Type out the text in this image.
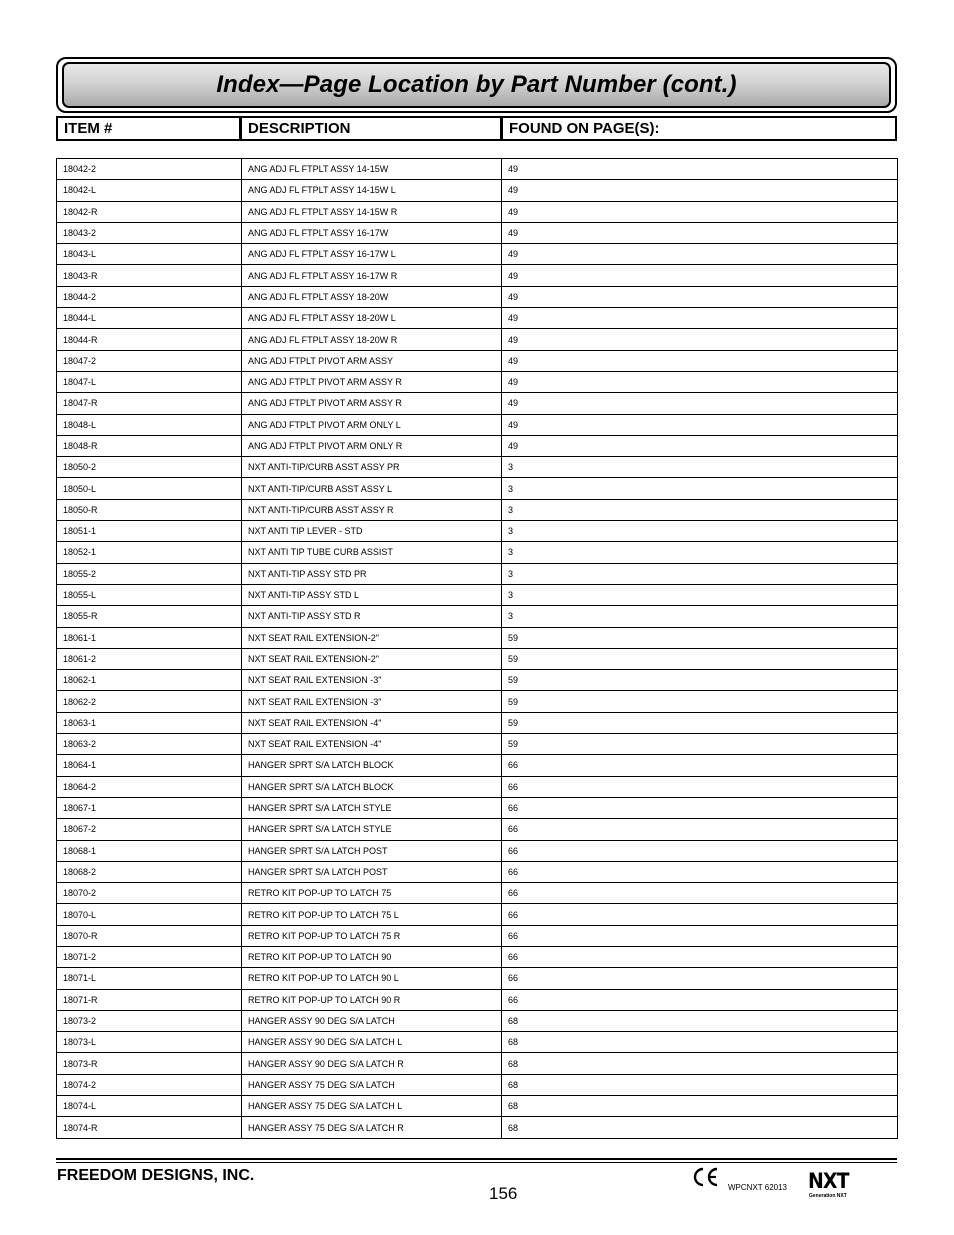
Index—Page Location by Part Number (cont.)
ITEM #	DESCRIPTION	FOUND ON PAGE(S):
18042-2	ANG ADJ FL FTPLT ASSY 14-15W	49
18042-L	ANG ADJ FL FTPLT ASSY 14-15W L	49
18042-R	ANG ADJ FL FTPLT ASSY 14-15W R	49
18043-2	ANG ADJ FL FTPLT ASSY 16-17W	49
18043-L	ANG ADJ FL FTPLT ASSY 16-17W L	49
18043-R	ANG ADJ FL FTPLT ASSY 16-17W R	49
18044-2	ANG ADJ FL FTPLT ASSY 18-20W	49
18044-L	ANG ADJ FL FTPLT ASSY 18-20W L	49
18044-R	ANG ADJ FL FTPLT ASSY 18-20W R	49
18047-2	ANG ADJ FTPLT PIVOT ARM ASSY	49
18047-L	ANG ADJ FTPLT PIVOT ARM ASSY R	49
18047-R	ANG ADJ FTPLT PIVOT ARM ASSY R	49
18048-L	ANG ADJ FTPLT PIVOT ARM ONLY L	49
18048-R	ANG ADJ FTPLT PIVOT ARM ONLY R	49
18050-2	NXT ANTI-TIP/CURB ASST ASSY PR	3
18050-L	NXT ANTI-TIP/CURB ASST ASSY L	3
18050-R	NXT ANTI-TIP/CURB ASST ASSY R	3
18051-1	NXT ANTI TIP LEVER - STD	3
18052-1	NXT ANTI TIP TUBE CURB ASSIST	3
18055-2	NXT ANTI-TIP ASSY STD PR	3
18055-L	NXT ANTI-TIP ASSY STD L	3
18055-R	NXT ANTI-TIP ASSY STD R	3
18061-1	NXT SEAT RAIL EXTENSION-2"	59
18061-2	NXT SEAT RAIL EXTENSION-2"	59
18062-1	NXT SEAT RAIL EXTENSION -3"	59
18062-2	NXT SEAT RAIL EXTENSION -3"	59
18063-1	NXT SEAT RAIL EXTENSION -4"	59
18063-2	NXT SEAT RAIL EXTENSION -4"	59
18064-1	HANGER SPRT S/A LATCH BLOCK	66
18064-2	HANGER SPRT S/A LATCH BLOCK	66
18067-1	HANGER SPRT S/A LATCH STYLE	66
18067-2	HANGER SPRT S/A LATCH STYLE	66
18068-1	HANGER SPRT S/A LATCH POST	66
18068-2	HANGER SPRT S/A LATCH POST	66
18070-2	RETRO KIT POP-UP TO LATCH 75	66
18070-L	RETRO KIT POP-UP TO LATCH 75 L	66
18070-R	RETRO KIT POP-UP TO LATCH 75 R	66
18071-2	RETRO KIT POP-UP TO LATCH 90	66
18071-L	RETRO KIT POP-UP TO LATCH 90 L	66
18071-R	RETRO KIT POP-UP TO LATCH 90 R	66
18073-2	HANGER ASSY 90 DEG S/A LATCH	68
18073-L	HANGER ASSY 90 DEG S/A LATCH L	68
18073-R	HANGER ASSY 90 DEG S/A LATCH R	68
18074-2	HANGER ASSY 75 DEG S/A LATCH	68
18074-L	HANGER ASSY 75 DEG S/A LATCH L	68
18074-R	HANGER ASSY 75 DEG S/A LATCH R	68
FREEDOM DESIGNS, INC.
156	WPCNXT 62013 NXT
Generation NXT
